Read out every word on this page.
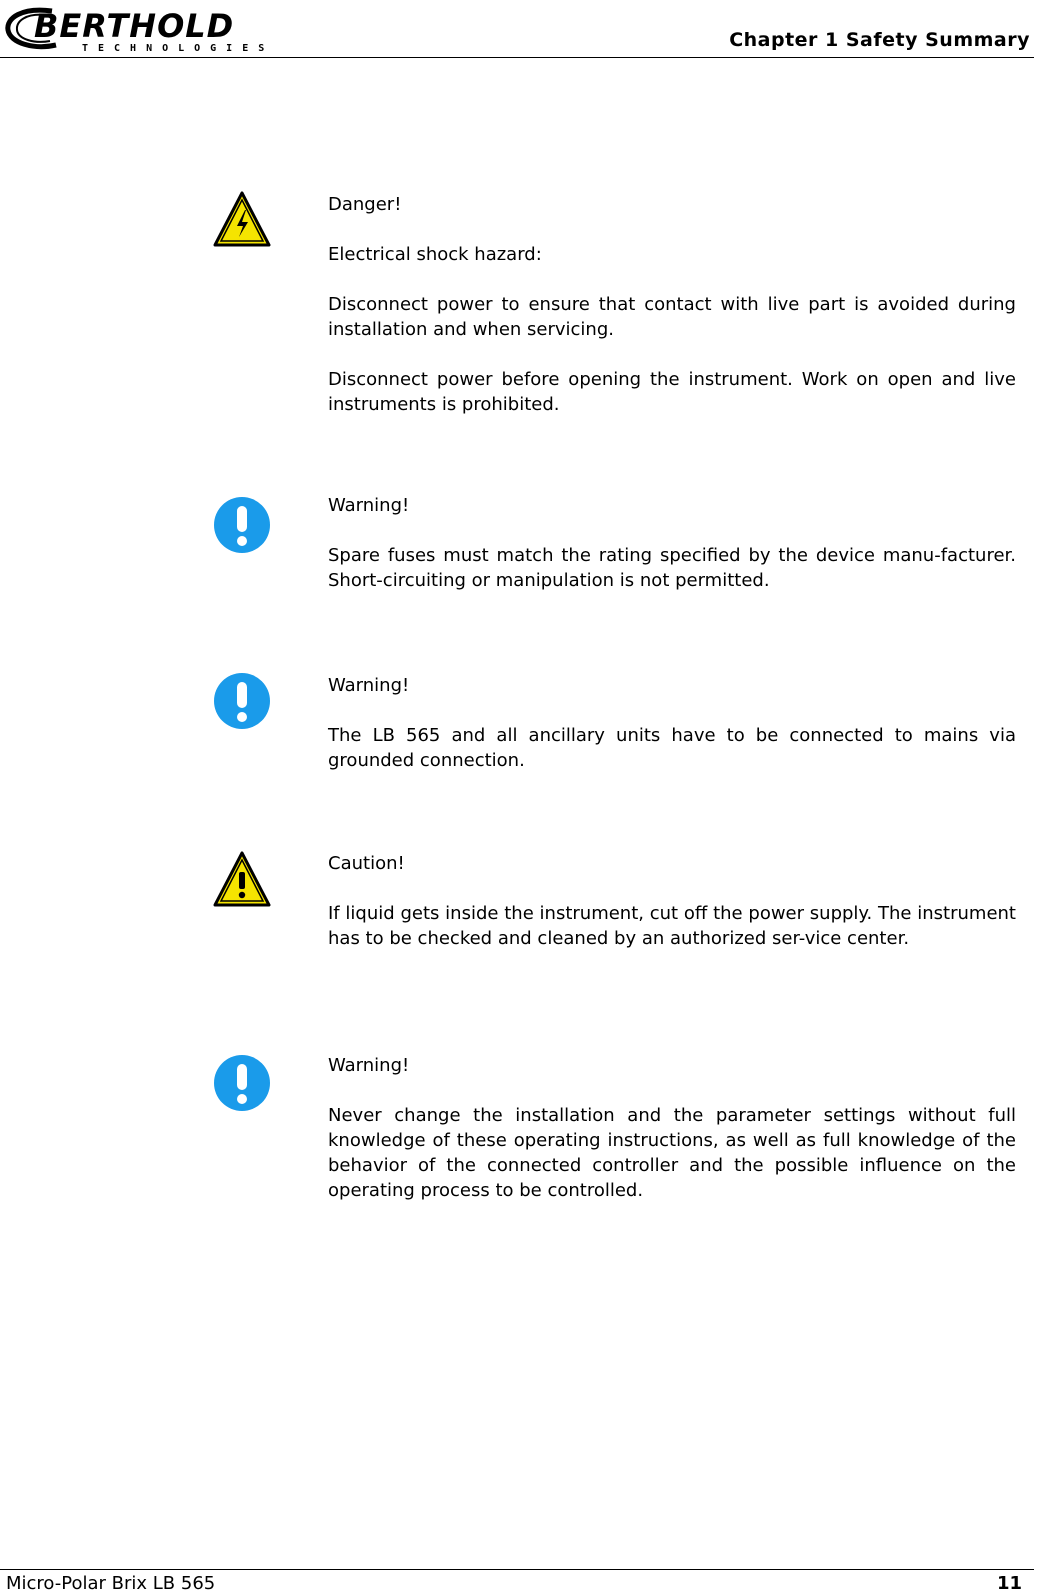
BERTHOLD
TECHNOLOGIES	Chapter 1 Safety Summary

Danger!

Electrical shock hazard:

Disconnect power to ensure that contact with live part is avoided during installation and when servicing.

Disconnect power before opening the instrument. Work on open and live instruments is prohibited.

Warning!

Spare fuses must match the rating specified by the device manu-facturer. Short-circuiting or manipulation is not permitted.

Warning!

The LB 565 and all ancillary units have to be connected to mains via grounded connection.

Caution!

If liquid gets inside the instrument, cut off the power supply. The instrument has to be checked and cleaned by an authorized ser-vice center.

Warning!

Never change the installation and the parameter settings without full knowledge of these operating instructions, as well as full knowledge of the behavior of the connected controller and the possible influence on the operating process to be controlled.

Micro-Polar Brix LB 565	11
